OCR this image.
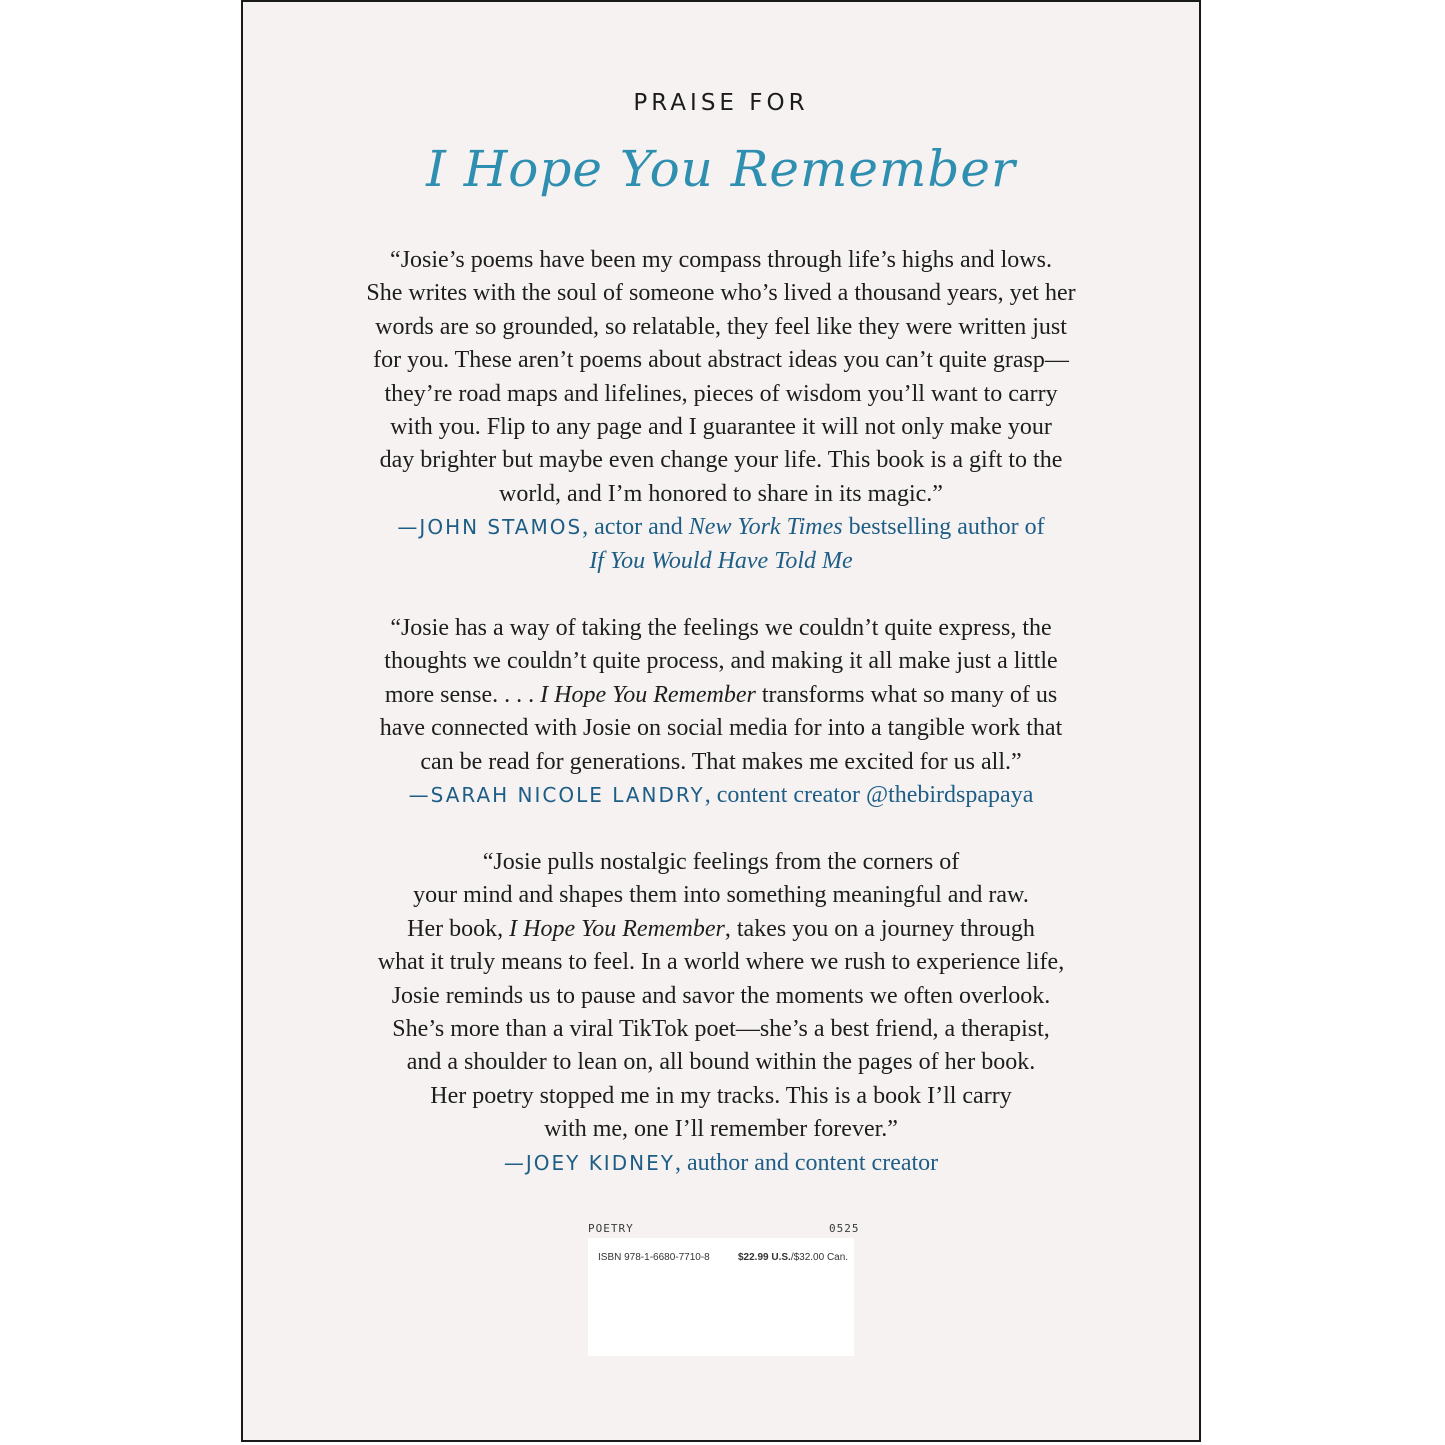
PRAISE FOR
I Hope You Remember
“Josie’s poems have been my compass through life’s highs and lows.
She writes with the soul of someone who’s lived a thousand years, yet her
words are so grounded, so relatable, they feel like they were written just
for you. These aren’t poems about abstract ideas you can’t quite grasp—
they’re road maps and lifelines, pieces of wisdom you’ll want to carry
with you. Flip to any page and I guarantee it will not only make your
day brighter but maybe even change your life. This book is a gift to the
world, and I’m honored to share in its magic.”
—JOHN STAMOS, actor and New York Times bestselling author of
If You Would Have Told Me
“Josie has a way of taking the feelings we couldn’t quite express, the
thoughts we couldn’t quite process, and making it all make just a little
more sense. . . . I Hope You Remember transforms what so many of us
have connected with Josie on social media for into a tangible work that
can be read for generations. That makes me excited for us all.”
—SARAH NICOLE LANDRY, content creator @thebirdspapaya
“Josie pulls nostalgic feelings from the corners of
your mind and shapes them into something meaningful and raw.
Her book, I Hope You Remember, takes you on a journey through
what it truly means to feel. In a world where we rush to experience life,
Josie reminds us to pause and savor the moments we often overlook.
She’s more than a viral TikTok poet—she’s a best friend, a therapist,
and a shoulder to lean on, all bound within the pages of her book.
Her poetry stopped me in my tracks. This is a book I’ll carry
with me, one I’ll remember forever.”
—JOEY KIDNEY, author and content creator
POETRY	0525
ISBN 978-1-6680-7710-8	$22.99 U.S./$32.00 Can.
